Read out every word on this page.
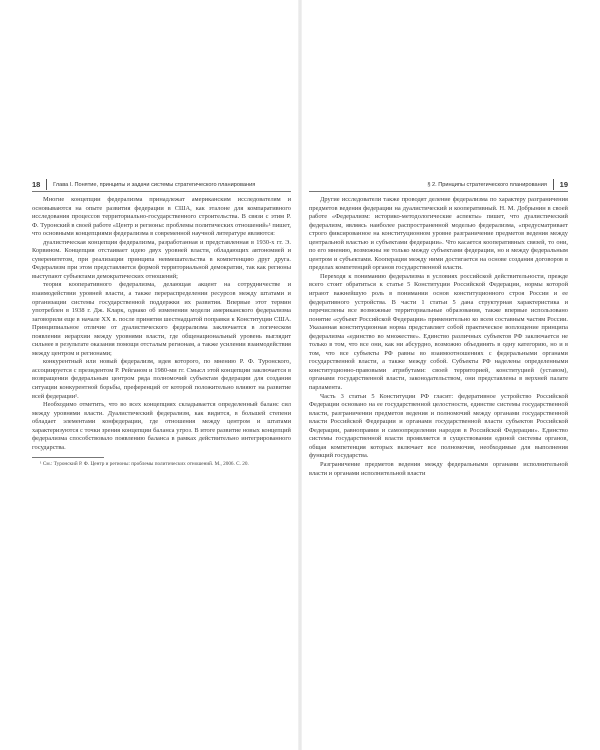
18 Глава I. Понятие, принципы и задачи системы стратегического планирования

Многие концепции федерализма принадлежат американским исследователям и основываются на опыте развития федерации в США, как эталоне для компаративного исследования процессов территориально-государственного строительства. В связи с этим Р. Ф. Туронский в своей работе «Центр и регионы: проблемы политических отношений»¹ пишет, что основными концепциями федерализма в современной научной литературе являются:

дуалистическая концепция федерализма, разработанная и представленная в 1930-х гг. Э. Корвином. Концепция отстаивает идею двух уровней власти, обладающих автономией и суверенитетом, при реализации принципа невмешательства в компетенцию друг друга. Федерализм при этом представляется формой территориальной демократии, так как регионы выступают субъектами демократических отношений;

теория кооперативного федерализма, делающая акцент на сотрудничестве и взаимодействии уровней власти, а также перераспределении ресурсов между штатами и организации системы государственной поддержки их развития. Впервые этот термин употреблен в 1938 г. Дж. Кларк, однако об изменении модели американского федерализма заговорили еще в начале XX в. после принятия шестнадцатой поправки к Конституции США. Принципиальное отличие от дуалистического федерализма заключается в логическом появлении иерархии между уровнями власти, где общенациональный уровень выглядит сильнее в результате оказания помощи отсталым регионам, а также усилении взаимодействия между центром и регионами;

конкурентный или новый федерализм, идея которого, по мнению Р. Ф. Туронского, ассоциируется с президентом Р. Рейганом и 1980-ми гг. Смысл этой концепции заключается в возвращении федеральным центром ряда полномочий субъектам федерации для создания ситуации конкурентной борьбы, преференций от которой положительно влияют на развитие всей федерации¹.

Необходимо отметить, что во всех концепциях складывается определенный баланс сил между уровнями власти. Дуалистический федерализм, как видится, в большей степени обладает элементами конфедерации, где отношения между центром и штатами характеризуются с точки зрения концепции баланса угроз. В итоге развитие новых концепций федерализма способствовало появлению баланса в рамках действительно интегрированного государства.

¹ См.: Туронский Р. Ф. Центр и регионы: проблемы политических отношений. М., 2006. С. 20.

§ 2. Принципы стратегического планирования 19

Другие исследователи также проводят деление федерализма по характеру разграничения предметов ведения федерации на дуалистический и кооперативный. Н. М. Добрынин в своей работе «Федерализм: историко-методологические аспекты» пишет, что дуалистический федерализм, являясь наиболее распространенной моделью федерализма, «предусматривает строго фиксированное на конституционном уровне разграничение предметов ведения между центральной властью и субъектами федерации». Что касается кооперативных связей, то они, по его мнению, возможны не только между субъектами федерации, но и между федеральным центром и субъектами. Кооперация между ними достигается на основе создания договоров в пределах компетенций органов государственной власти.

Переходя к пониманию федерализма в условиях российской действительности, прежде всего стоит обратиться к статье 5 Конституции Российской Федерации, нормы которой играют важнейшую роль в понимании основ конституционного строя России и ее федеративного устройства. В части 1 статьи 5 дана структурная характеристика и перечислены все возможные территориальные образования, также впервые использовано понятие «субъект Российской Федерации» применительно ко всем составным частям России. Указанная конституционная норма представляет собой практическое воплощение принципа федерализма «единство во множестве». Единство различных субъектов РФ заключается не только в том, что все они, как ни абсурдно, возможно объединять в одну категорию, но и в том, что все субъекты РФ равны во взаимоотношениях с федеральными органами государственной власти, а также между собой. Субъекты РФ наделены определенными конституционно-правовыми атрибутами: своей территорией, конституцией (уставом), органами государственной власти, законодательством, они представлены в верхней палате парламента.

Часть 3 статьи 5 Конституции РФ гласит: федеративное устройство Российской Федерации основано на ее государственной целостности, единстве системы государственной власти, разграничении предметов ведения и полномочий между органами государственной власти Российской Федерации и органами государственной власти субъектов Российской Федерации, равноправии и самоопределении народов в Российской Федерации». Единство системы государственной власти проявляется в существовании единой системы органов, общая компетенция которых включает все полномочия, необходимые для выполнения функций государства.

Разграничение предметов ведения между федеральными органами исполнительной власти и органами исполнительной власти
